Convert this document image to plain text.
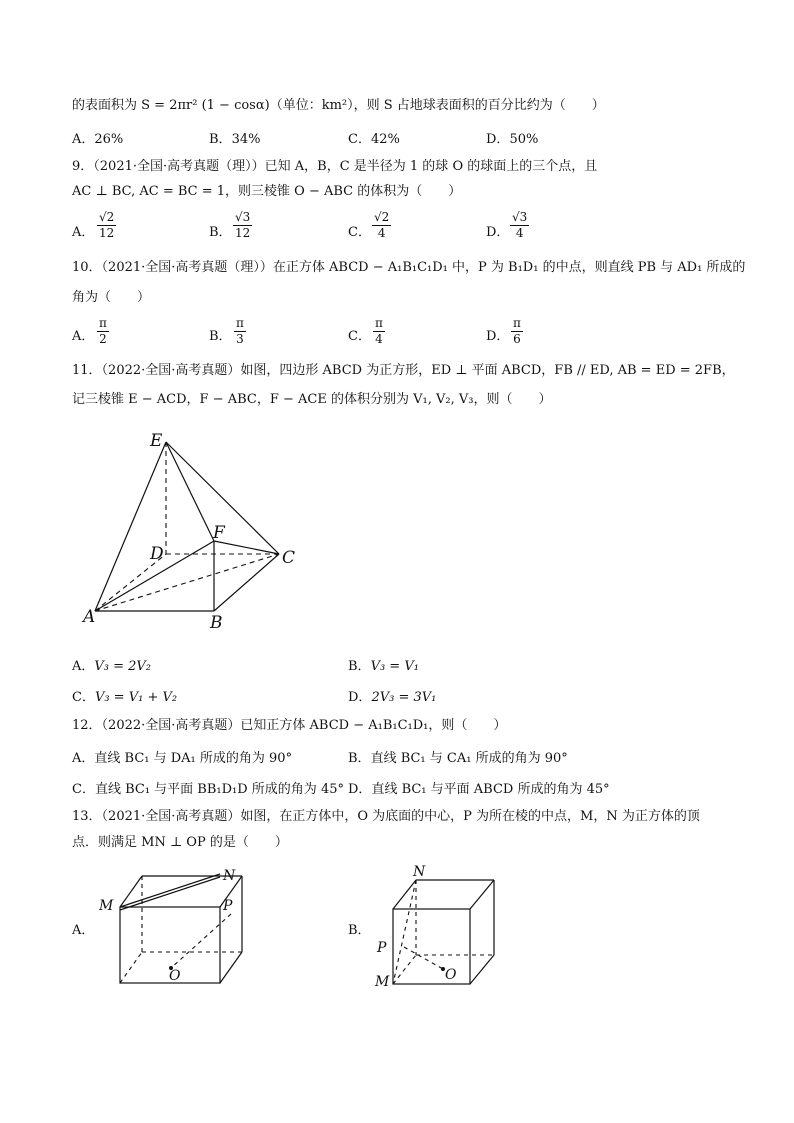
的表面积为 S = 2πr² (1 − cosα)（单位：km²），则 S 占地球表面积的百分比约为（　　）
A．26%	B．34%	C．42%	D．50%
9．（2021·全国·高考真题（理））已知 A，B，C 是半径为 1 的球 O 的球面上的三个点，且
AC ⊥ BC, AC = BC = 1，则三棱锥 O − ABC 的体积为（　　）
A． $\frac{√2}{12}$	B． $\frac{√3}{12}$	C． $\frac{√2}{4}$	D． $\frac{√3}{4}$
10．（2021·全国·高考真题（理））在正方体 ABCD − A₁B₁C₁D₁ 中，P 为 B₁D₁ 的中点，则直线 PB 与 AD₁ 所成的
角为（　　）
A． $\frac{\pi}{2}$	B． $\frac{\pi}{3}$	C． $\frac{\pi}{4}$	D． $\frac{\pi}{6}$
11．（2022·全国·高考真题）如图，四边形 ABCD 为正方形，ED ⊥ 平面 ABCD，FB // ED, AB = ED = 2FB，
记三棱锥 E − ACD，F − ABC，F − ACE 的体积分别为 V₁, V₂, V₃，则（　　）
E
F
D	C
A	B
A．V₃ = 2V₂	B．V₃ = V₁
C．V₃ = V₁ + V₂	D．2V₃ = 3V₁
12．（2022·全国·高考真题）已知正方体 ABCD − A₁B₁C₁D₁，则（　　）
A．直线 BC₁ 与 DA₁ 所成的角为 90°	B．直线 BC₁ 与 CA₁ 所成的角为 90°
C．直线 BC₁ 与平面 BB₁D₁D 所成的角为 45° D．直线 BC₁ 与平面 ABCD 所成的角为 45°
13．（2021·全国·高考真题）如图，在正方体中，O 为底面的中心，P 为所在棱的中点，M，N 为正方体的顶
点．则满足 MN ⊥ OP 的是（　　）
A．
M
N
P
O
B．
N
P
M	O
